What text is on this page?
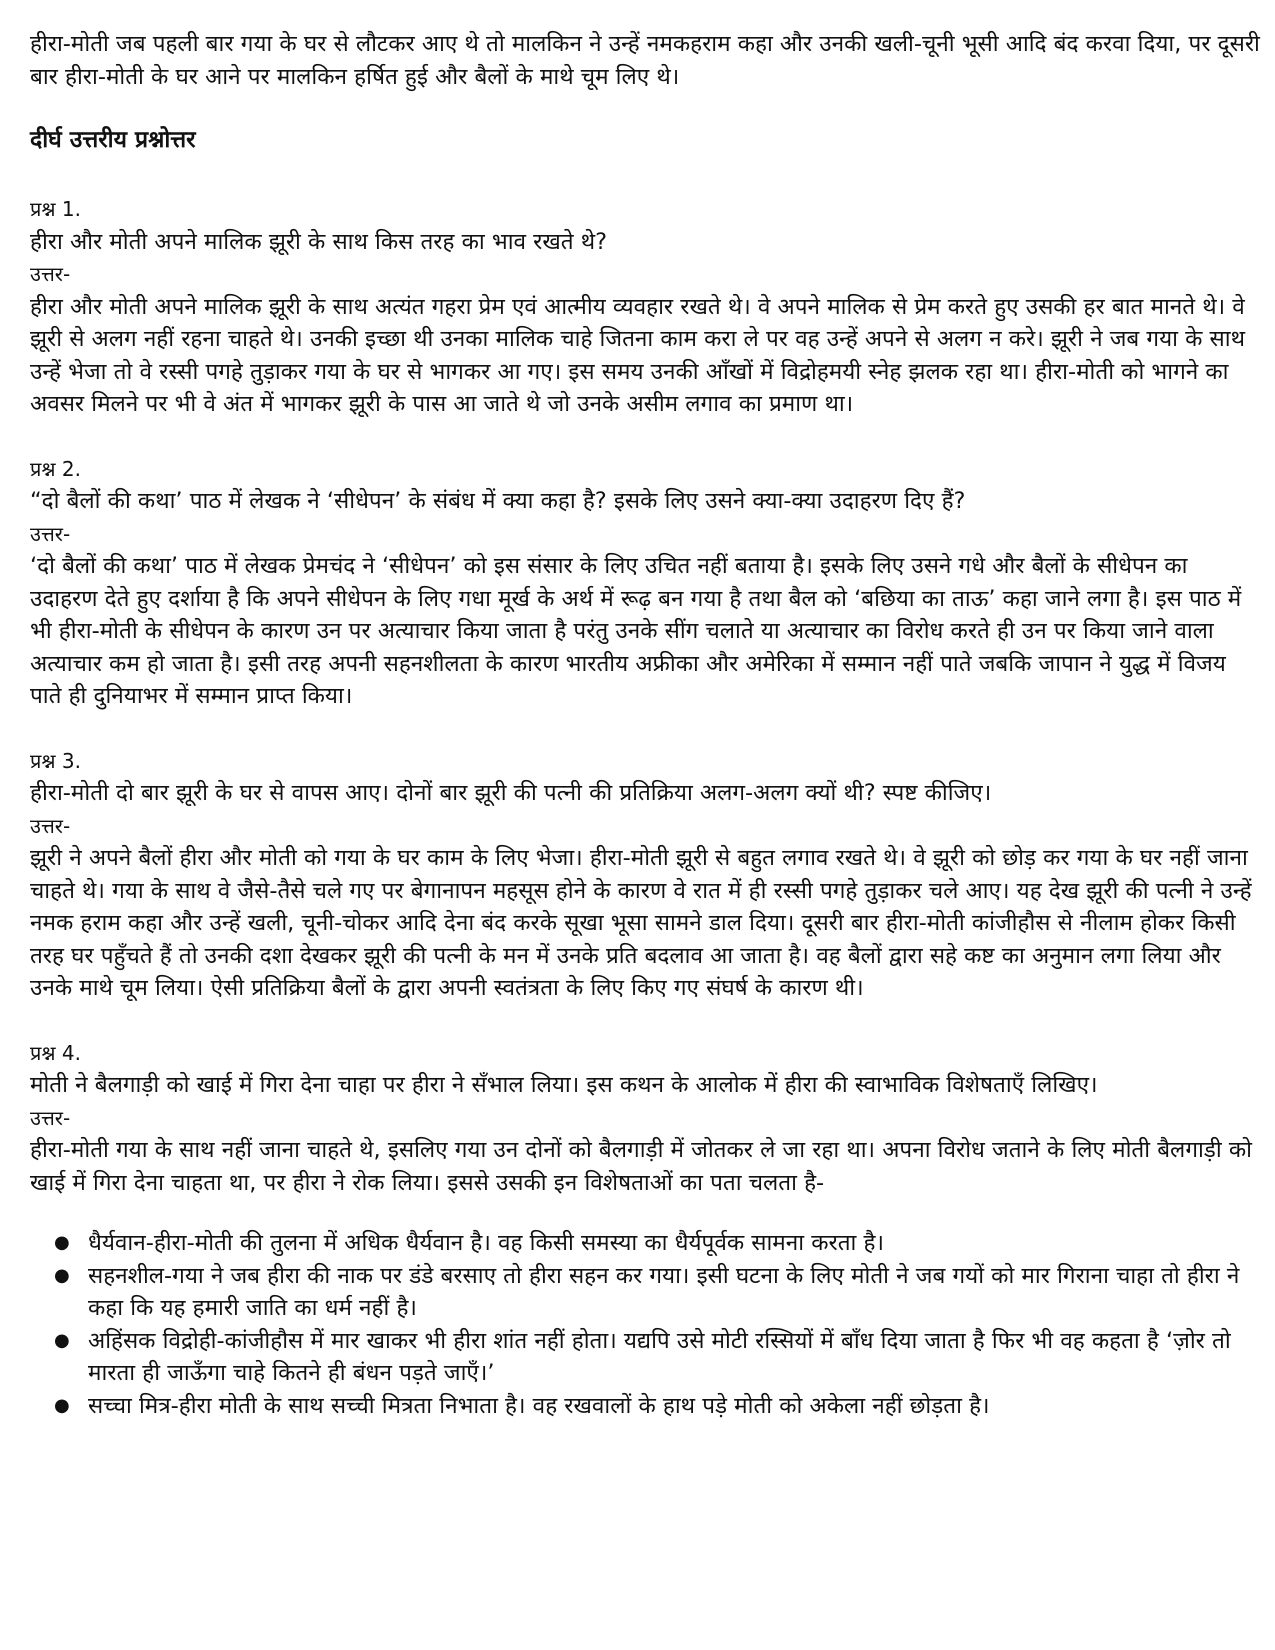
हीरा-मोती जब पहली बार गया के घर से लौटकर आए थे तो मालकिन ने उन्हें नमकहराम कहा और उनकी खली-चूनी भूसी आदि बंद करवा दिया, पर दूसरी बार हीरा-मोती के घर आने पर मालकिन हर्षित हुई और बैलों के माथे चूम लिए थे।

दीर्घ उत्तरीय प्रश्नोत्तर

प्रश्न 1.

हीरा और मोती अपने मालिक झूरी के साथ किस तरह का भाव रखते थे?

उत्तर-

हीरा और मोती अपने मालिक झूरी के साथ अत्यंत गहरा प्रेम एवं आत्मीय व्यवहार रखते थे। वे अपने मालिक से प्रेम करते हुए उसकी हर बात मानते थे। वे झूरी से अलग नहीं रहना चाहते थे। उनकी इच्छा थी उनका मालिक चाहे जितना काम करा ले पर वह उन्हें अपने से अलग न करे। झूरी ने जब गया के साथ उन्हें भेजा तो वे रस्सी पगहे तुड़ाकर गया के घर से भागकर आ गए। इस समय उनकी आँखों में विद्रोहमयी स्नेह झलक रहा था। हीरा-मोती को भागने का अवसर मिलने पर भी वे अंत में भागकर झूरी के पास आ जाते थे जो उनके असीम लगाव का प्रमाण था।

प्रश्न 2.

“दो बैलों की कथा’ पाठ में लेखक ने ‘सीधेपन’ के संबंध में क्या कहा है? इसके लिए उसने क्या-क्या उदाहरण दिए हैं?

उत्तर-

‘दो बैलों की कथा’ पाठ में लेखक प्रेमचंद ने ‘सीधेपन’ को इस संसार के लिए उचित नहीं बताया है। इसके लिए उसने गधे और बैलों के सीधेपन का उदाहरण देते हुए दर्शाया है कि अपने सीधेपन के लिए गधा मूर्ख के अर्थ में रूढ़ बन गया है तथा बैल को ‘बछिया का ताऊ’ कहा जाने लगा है। इस पाठ में भी हीरा-मोती के सीधेपन के कारण उन पर अत्याचार किया जाता है परंतु उनके सींग चलाते या अत्याचार का विरोध करते ही उन पर किया जाने वाला अत्याचार कम हो जाता है। इसी तरह अपनी सहनशीलता के कारण भारतीय अफ्रीका और अमेरिका में सम्मान नहीं पाते जबकि जापान ने युद्ध में विजय पाते ही दुनियाभर में सम्मान प्राप्त किया।

प्रश्न 3.

हीरा-मोती दो बार झूरी के घर से वापस आए। दोनों बार झूरी की पत्नी की प्रतिक्रिया अलग-अलग क्यों थी? स्पष्ट कीजिए।

उत्तर-

झूरी ने अपने बैलों हीरा और मोती को गया के घर काम के लिए भेजा। हीरा-मोती झूरी से बहुत लगाव रखते थे। वे झूरी को छोड़ कर गया के घर नहीं जाना चाहते थे। गया के साथ वे जैसे-तैसे चले गए पर बेगानापन महसूस होने के कारण वे रात में ही रस्सी पगहे तुड़ाकर चले आए। यह देख झूरी की पत्नी ने उन्हें नमक हराम कहा और उन्हें खली, चूनी-चोकर आदि देना बंद करके सूखा भूसा सामने डाल दिया। दूसरी बार हीरा-मोती कांजीहौस से नीलाम होकर किसी तरह घर पहुँचते हैं तो उनकी दशा देखकर झूरी की पत्नी के मन में उनके प्रति बदलाव आ जाता है। वह बैलों द्वारा सहे कष्ट का अनुमान लगा लिया और उनके माथे चूम लिया। ऐसी प्रतिक्रिया बैलों के द्वारा अपनी स्वतंत्रता के लिए किए गए संघर्ष के कारण थी।

प्रश्न 4.

मोती ने बैलगाड़ी को खाई में गिरा देना चाहा पर हीरा ने सँभाल लिया। इस कथन के आलोक में हीरा की स्वाभाविक विशेषताएँ लिखिए।

उत्तर-

हीरा-मोती गया के साथ नहीं जाना चाहते थे, इसलिए गया उन दोनों को बैलगाड़ी में जोतकर ले जा रहा था। अपना विरोध जताने के लिए मोती बैलगाड़ी को खाई में गिरा देना चाहता था, पर हीरा ने रोक लिया। इससे उसकी इन विशेषताओं का पता चलता है-

● धैर्यवान-हीरा-मोती की तुलना में अधिक धैर्यवान है। वह किसी समस्या का धैर्यपूर्वक सामना करता है।
● सहनशील-गया ने जब हीरा की नाक पर डंडे बरसाए तो हीरा सहन कर गया। इसी घटना के लिए मोती ने जब गयों को मार गिराना चाहा तो हीरा ने कहा कि यह हमारी जाति का धर्म नहीं है।
● अहिंसक विद्रोही-कांजीहौस में मार खाकर भी हीरा शांत नहीं होता। यद्यपि उसे मोटी रस्सियों में बाँध दिया जाता है फिर भी वह कहता है ‘ज़ोर तो मारता ही जाऊँगा चाहे कितने ही बंधन पड़ते जाएँ।’
● सच्चा मित्र-हीरा मोती के साथ सच्ची मित्रता निभाता है। वह रखवालों के हाथ पड़े मोती को अकेला नहीं छोड़ता है।
